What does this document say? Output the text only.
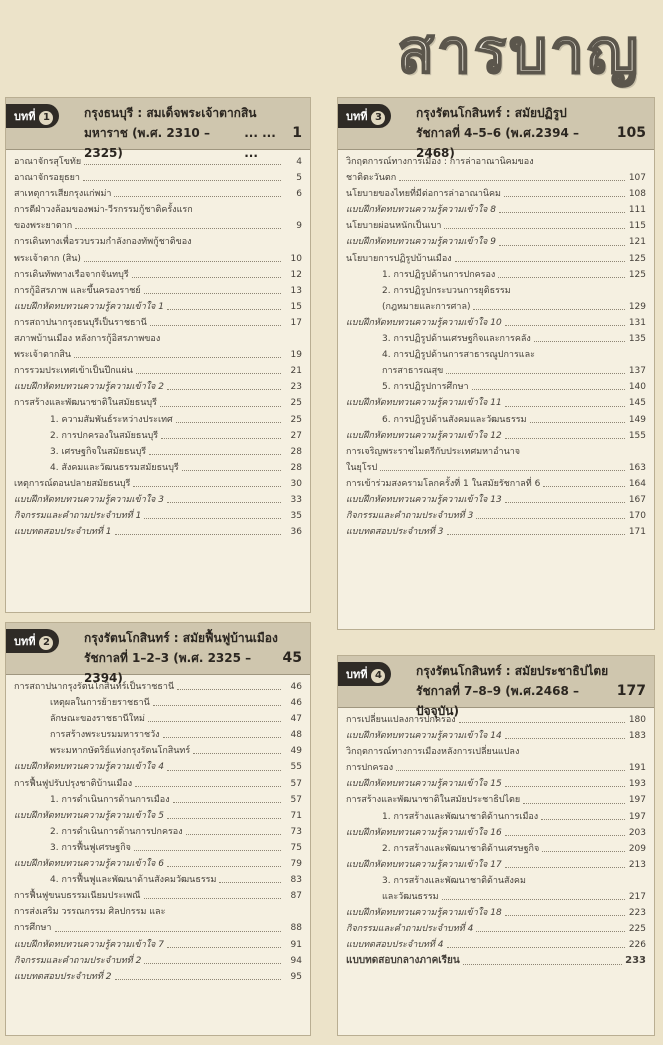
สารบาญ
บทที่ 1	กรุงธนบุรี : สมเด็จพระเจ้าตากสิน
มหาราช (พ.ศ. 2310 –2325)
... ... ...
1
อาณาจักรสุโขทัย	4
อาณาจักรอยุธยา	5
สาเหตุการเสียกรุงแก่พม่า	6
การตีฝ่าวงล้อมของพม่า-วีรกรรมกู้ชาติครั้งแรก
ของพระยาตาก	9
การเดินทางเพื่อรวบรวมกำลังกองทัพกู้ชาติของ
พระเจ้าตาก (สิน)	10
การเดินทัพทางเรือจากจันทบุรี	12
การกู้อิสรภาพ และขึ้นครองราชย์	13
แบบฝึกหัดทบทวนความรู้ความเข้าใจ 1	15
การสถาปนากรุงธนบุรีเป็นราชธานี	17
สภาพบ้านเมือง หลังการกู้อิสรภาพของ
พระเจ้าตากสิน	19
การรวมประเทศเข้าเป็นปึกแผ่น	21
แบบฝึกหัดทบทวนความรู้ความเข้าใจ 2	23
การสร้างและพัฒนาชาติในสมัยธนบุรี	25
1. ความสัมพันธ์ระหว่างประเทศ	25
2. การปกครองในสมัยธนบุรี	27
3. เศรษฐกิจในสมัยธนบุรี	28
4. สังคมและวัฒนธรรมสมัยธนบุรี	28
เหตุการณ์ตอนปลายสมัยธนบุรี	30
แบบฝึกหัดทบทวนความรู้ความเข้าใจ 3	33
กิจกรรมและคำถามประจำบทที่ 1	35
แบบทดสอบประจำบทที่ 1	36
บทที่ 2	กรุงรัตนโกสินทร์ : สมัยฟื้นฟูบ้านเมือง
รัชกาลที่ 1–2–3 (พ.ศ. 2325 –2394)
45
การสถาปนากรุงรัตนโกสินทร์เป็นราชธานี	46
เหตุผลในการย้ายราชธานี	46
ลักษณะของราชธานีใหม่	47
การสร้างพระบรมมหาราชวัง	48
พระมหากษัตริย์แห่งกรุงรัตนโกสินทร์	49
แบบฝึกหัดทบทวนความรู้ความเข้าใจ 4	55
การฟื้นฟูปรับปรุงชาติบ้านเมือง	57
1. การดำเนินการด้านการเมือง	57
แบบฝึกหัดทบทวนความรู้ความเข้าใจ 5	71
2. การดำเนินการด้านการปกครอง	73
3. การฟื้นฟูเศรษฐกิจ	75
แบบฝึกหัดทบทวนความรู้ความเข้าใจ 6	79
4. การฟื้นฟูและพัฒนาด้านสังคมวัฒนธรรม	83
การฟื้นฟูขนบธรรมเนียมประเพณี	87
การส่งเสริม วรรณกรรม ศิลปกรรม และ
การศึกษา	88
แบบฝึกหัดทบทวนความรู้ความเข้าใจ 7	91
กิจกรรมและคำถามประจำบทที่ 2	94
แบบทดสอบประจำบทที่ 2	95
บทที่ 3	กรุงรัตนโกสินทร์ : สมัยปฏิรูป
รัชกาลที่ 4–5–6 (พ.ศ.2394 –2468)
105
วิกฤตการณ์ทางการเมือง : การล่าอาณานิคมของ
ชาติตะวันตก	107
นโยบายของไทยที่มีต่อการล่าอาณานิคม	108
แบบฝึกหัดทบทวนความรู้ความเข้าใจ 8	111
นโยบายผ่อนหนักเป็นเบา	115
แบบฝึกหัดทบทวนความรู้ความเข้าใจ 9	121
นโยบายการปฏิรูปบ้านเมือง	125
1. การปฏิรูปด้านการปกครอง	125
2. การปฏิรูปกระบวนการยุติธรรม
(กฎหมายและการศาล)	129
แบบฝึกหัดทบทวนความรู้ความเข้าใจ 10	131
3. การปฏิรูปด้านเศรษฐกิจและการคลัง	135
4. การปฏิรูปด้านการสาธารณูปการและ
การสาธารณสุข	137
5. การปฏิรูปการศึกษา	140
แบบฝึกหัดทบทวนความรู้ความเข้าใจ 11	145
6. การปฏิรูปด้านสังคมและวัฒนธรรม	149
แบบฝึกหัดทบทวนความรู้ความเข้าใจ 12	155
การเจริญพระราชไมตรีกับประเทศมหาอำนาจ
ในยุโรป	163
การเข้าร่วมสงครามโลกครั้งที่ 1 ในสมัยรัชกาลที่ 6	164
แบบฝึกหัดทบทวนความรู้ความเข้าใจ 13	167
กิจกรรมและคำถามประจำบทที่ 3	170
แบบทดสอบประจำบทที่ 3	171
บทที่ 4	กรุงรัตนโกสินทร์ : สมัยประชาธิปไตย
รัชกาลที่ 7–8–9 (พ.ศ.2468 –ปัจจุบัน)
177
การเปลี่ยนแปลงการปกครอง	180
แบบฝึกหัดทบทวนความรู้ความเข้าใจ 14	183
วิกฤตการณ์ทางการเมืองหลังการเปลี่ยนแปลง
การปกครอง	191
แบบฝึกหัดทบทวนความรู้ความเข้าใจ 15	193
การสร้างและพัฒนาชาติในสมัยประชาธิปไตย	197
1. การสร้างและพัฒนาชาติด้านการเมือง	197
แบบฝึกหัดทบทวนความรู้ความเข้าใจ 16	203
2. การสร้างและพัฒนาชาติด้านเศรษฐกิจ	209
แบบฝึกหัดทบทวนความรู้ความเข้าใจ 17	213
3. การสร้างและพัฒนาชาติด้านสังคม
และวัฒนธรรม	217
แบบฝึกหัดทบทวนความรู้ความเข้าใจ 18	223
กิจกรรมและคำถามประจำบทที่ 4	225
แบบทดสอบประจำบทที่ 4	226
แบบทดสอบกลางภาคเรียน	233
